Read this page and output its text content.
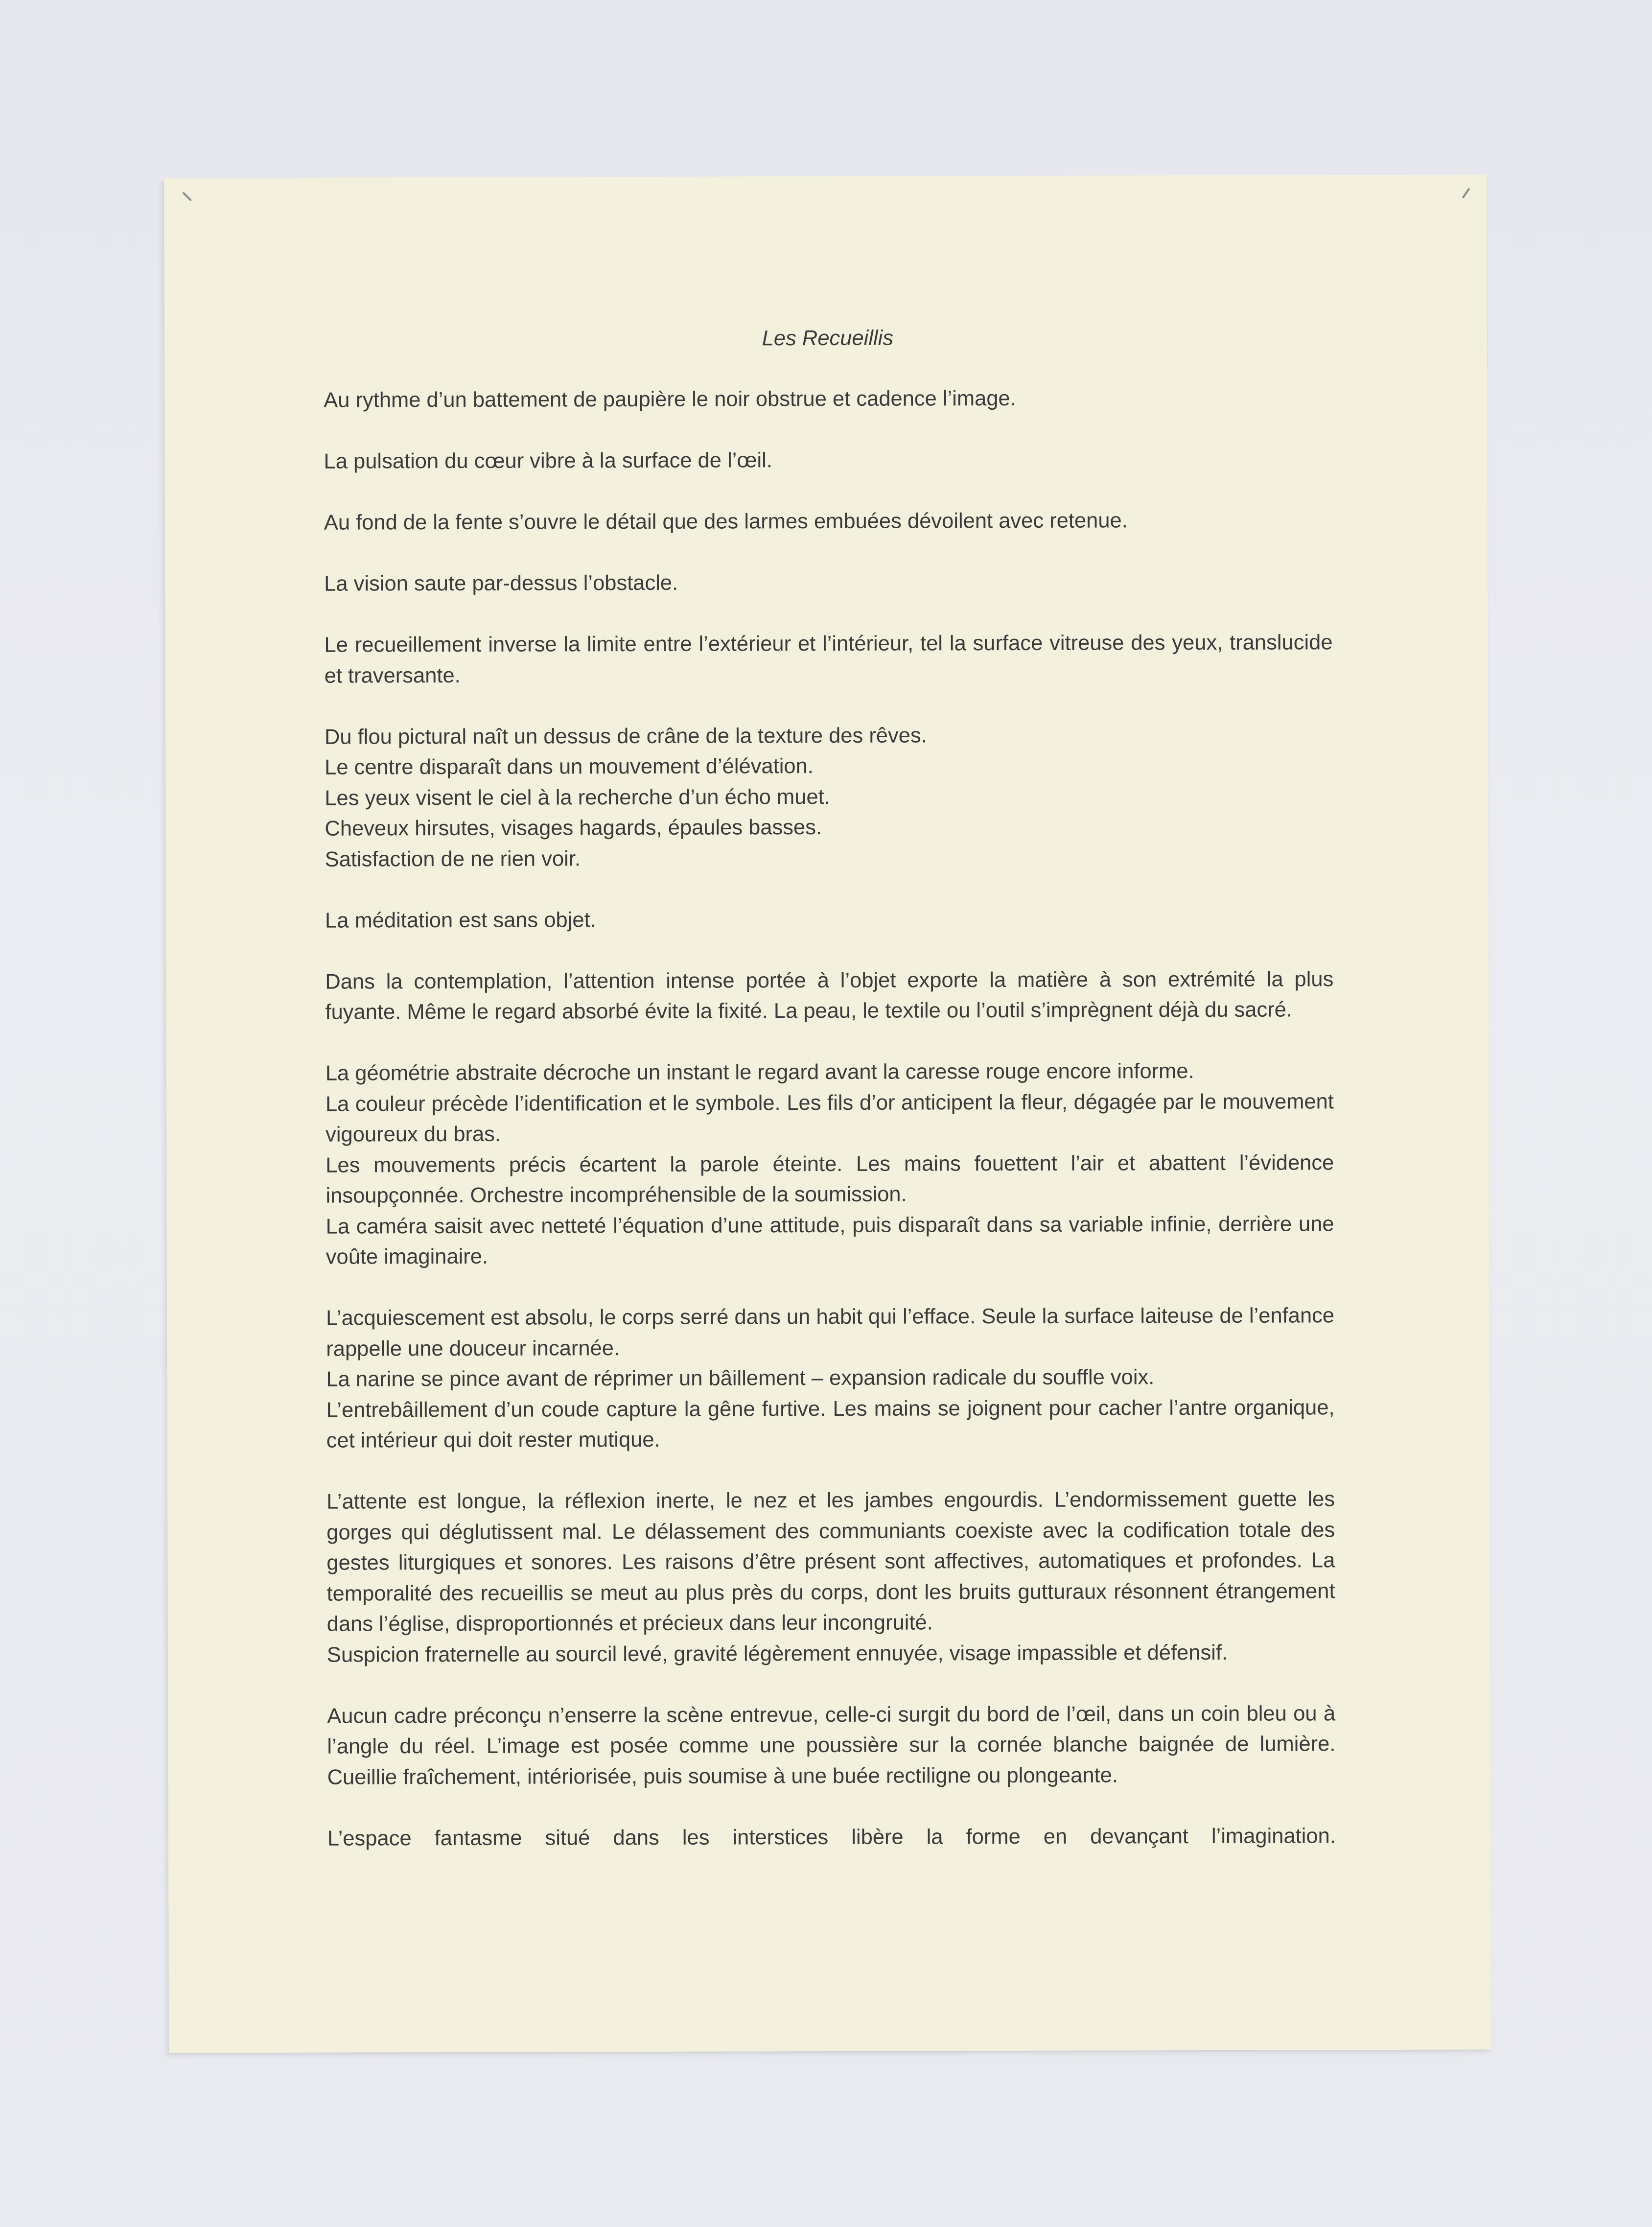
Les Recueillis
Au rythme d’un battement de paupière le noir obstrue et cadence l’image.
La pulsation du cœur vibre à la surface de l’œil.
Au fond de la fente s’ouvre le détail que des larmes embuées dévoilent avec retenue.
La vision saute par-dessus l’obstacle.
Le recueillement inverse la limite entre l’extérieur et l’intérieur, tel la surface vitreuse des yeux, translucide et traversante.
Du flou pictural naît un dessus de crâne de la texture des rêves.
Le centre disparaît dans un mouvement d’élévation.
Les yeux visent le ciel à la recherche d’un écho muet.
Cheveux hirsutes, visages hagards, épaules basses.
Satisfaction de ne rien voir.
La méditation est sans objet.
Dans la contemplation, l’attention intense portée à l’objet exporte la matière à son extrémité la plus fuyante. Même le regard absorbé évite la fixité. La peau, le textile ou l’outil s’imprègnent déjà du sacré.
La géométrie abstraite décroche un instant le regard avant la caresse rouge encore informe.
La couleur précède l’identification et le symbole. Les fils d’or anticipent la fleur, dégagée par le mouvement vigoureux du bras.
Les mouvements précis écartent la parole éteinte. Les mains fouettent l’air et abattent l’évidence insoupçonnée. Orchestre incompréhensible de la soumission.
La caméra saisit avec netteté l’équation d’une attitude, puis disparaît dans sa variable infinie, derrière une voûte imaginaire.
L’acquiescement est absolu, le corps serré dans un habit qui l’efface. Seule la surface laiteuse de l’enfance rappelle une douceur incarnée.
La narine se pince avant de réprimer un bâillement – expansion radicale du souffle voix.
L’entrebâillement d’un coude capture la gêne furtive. Les mains se joignent pour cacher l’antre organique, cet intérieur qui doit rester mutique.
L’attente est longue, la réflexion inerte, le nez et les jambes engourdis. L’endormissement guette les gorges qui déglutissent mal. Le délassement des communiants coexiste avec la codification totale des gestes liturgiques et sonores. Les raisons d’être présent sont affectives, automatiques et profondes. La temporalité des recueillis se meut au plus près du corps, dont les bruits gutturaux résonnent étrangement dans l’église, disproportionnés et précieux dans leur incongruité.
Suspicion fraternelle au sourcil levé, gravité légèrement ennuyée, visage impassible et défensif.
Aucun cadre préconçu n’enserre la scène entrevue, celle-ci surgit du bord de l’œil, dans un coin bleu ou à l’angle du réel. L’image est posée comme une poussière sur la cornée blanche baignée de lumière. Cueillie fraîchement, intériorisée, puis soumise à une buée rectiligne ou plongeante.
L’espace fantasme situé dans les interstices libère la forme en devançant l’imagination.
